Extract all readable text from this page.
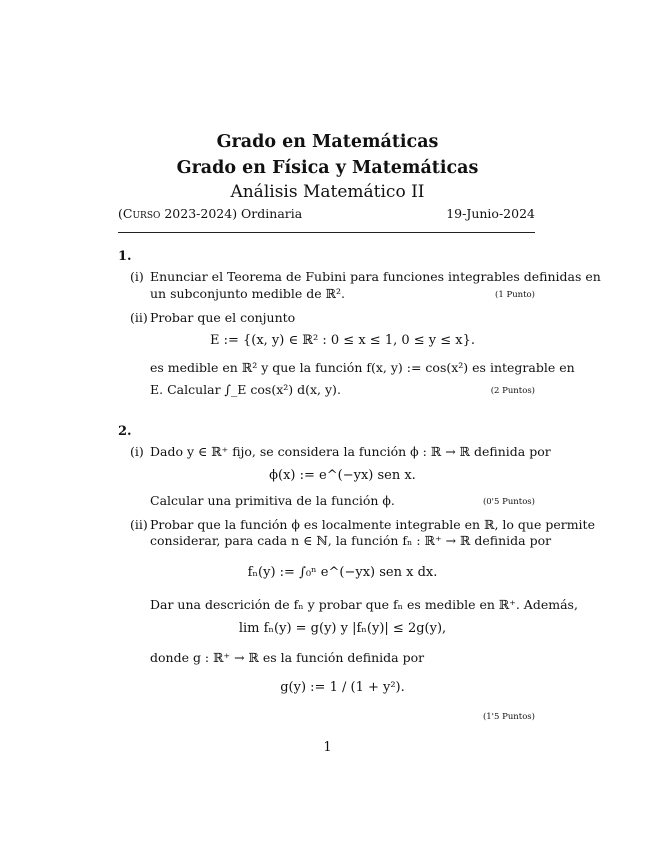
Grado en Matemáticas
Grado en Física y Matemáticas
Análisis Matemático II
(Curso 2023-2024) Ordinaria	19-Junio-2024
1.
(i) Enunciar el Teorema de Fubini para funciones integrables definidas en
un subconjunto medible de ℝ².	(1 Punto)
(ii) Probar que el conjunto
E := {(x, y) ∈ ℝ² : 0 ≤ x ≤ 1, 0 ≤ y ≤ x}.
es medible en ℝ² y que la función f(x, y) := cos(x²) es integrable en
E. Calcular ∫_E cos(x²) d(x, y).	(2 Puntos)
2.
(i) Dado y ∈ ℝ⁺ fijo, se considera la función ϕ : ℝ → ℝ definida por
ϕ(x) := e^(−yx) sen x.
Calcular una primitiva de la función ϕ.	(0'5 Puntos)
(ii) Probar que la función ϕ es localmente integrable en ℝ, lo que permite
considerar, para cada n ∈ ℕ, la función fₙ : ℝ⁺ → ℝ definida por
fₙ(y) := ∫₀ⁿ e^(−yx) sen x dx.
Dar una descrición de fₙ y probar que fₙ es medible en ℝ⁺. Además,
lim fₙ(y) = g(y) y |fₙ(y)| ≤ 2g(y),
donde g : ℝ⁺ → ℝ es la función definida por
g(y) := 1 / (1 + y²).
(1'5 Puntos)
1
